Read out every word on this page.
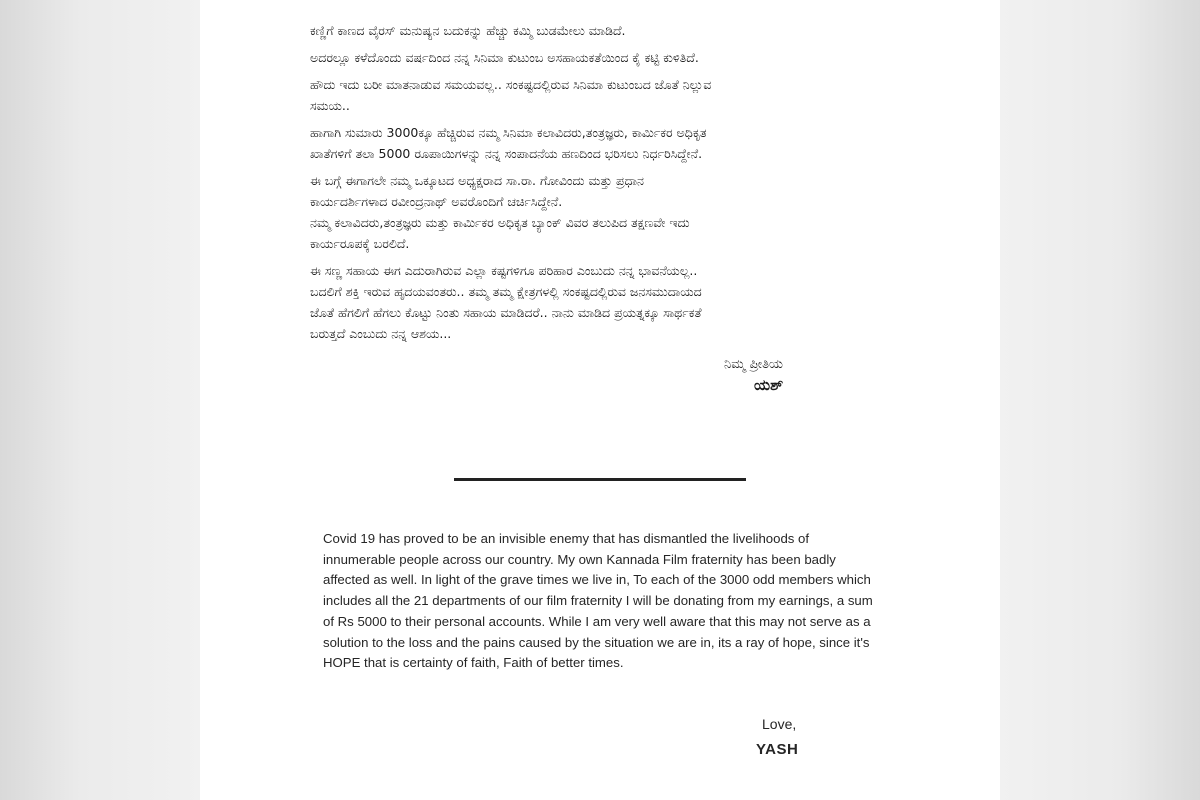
ಕಣ್ಣಿಗೆ ಕಾಣದ ವೈರಸ್ ಮನುಷ್ಯನ ಬದುಕನ್ನು ಹೆಚ್ಚು ಕಮ್ಮಿ ಬುಡಮೇಲು ಮಾಡಿದೆ.

ಅದರಲ್ಲೂ ಕಳೆದೊಂದು ವರ್ಷದಿಂದ ನನ್ನ ಸಿನಿಮಾ ಕುಟುಂಬ ಅಸಹಾಯಕತೆಯಿಂದ ಕೈ ಕಟ್ಟಿ ಕುಳಿತಿದೆ.

ಹೌದು ಇದು ಬರೀ ಮಾತನಾಡುವ ಸಮಯವಲ್ಲ.. ಸಂಕಷ್ಟದಲ್ಲಿರುವ ಸಿನಿಮಾ ಕುಟುಂಬದ ಜೊತೆ ನಿಲ್ಲುವ
ಸಮಯ..

ಹಾಗಾಗಿ ಸುಮಾರು 3000ಕ್ಕೂ ಹೆಚ್ಚಿರುವ ನಮ್ಮ ಸಿನಿಮಾ ಕಲಾವಿದರು,ತಂತ್ರಜ್ಞರು, ಕಾರ್ಮಿಕರ ಅಧಿಕೃತ
ಖಾತೆಗಳಿಗೆ ತಲಾ 5000 ರೂಪಾಯಿಗಳನ್ನು ನನ್ನ ಸಂಪಾದನೆಯ ಹಣದಿಂದ ಭರಿಸಲು ನಿರ್ಧರಿಸಿದ್ದೇನೆ.

ಈ ಬಗ್ಗೆ ಈಗಾಗಲೇ ನಮ್ಮ ಒಕ್ಕೂಟದ ಅಧ್ಯಕ್ಷರಾದ ಸಾ.ರಾ. ಗೋವಿಂದು ಮತ್ತು ಪ್ರಧಾನ
ಕಾರ್ಯದರ್ಶಿಗಳಾದ ರವೀಂದ್ರನಾಥ್ ಅವರೊಂದಿಗೆ ಚರ್ಚಿಸಿದ್ದೇನೆ.
ನಮ್ಮ ಕಲಾವಿದರು,ತಂತ್ರಜ್ಞರು ಮತ್ತು ಕಾರ್ಮಿಕರ ಅಧಿಕೃತ ಬ್ಯಾಂಕ್ ವಿವರ ತಲುಪಿದ ತಕ್ಷಣವೇ ಇದು
ಕಾರ್ಯರೂಪಕ್ಕೆ ಬರಲಿದೆ.

ಈ ಸಣ್ಣ ಸಹಾಯ ಈಗ ಎದುರಾಗಿರುವ ಎಲ್ಲಾ ಕಷ್ಟಗಳಿಗೂ ಪರಿಹಾರ ಎಂಬುದು ನನ್ನ ಭಾವನೆಯಲ್ಲ..
ಬದಲಿಗೆ ಶಕ್ತಿ ಇರುವ ಹೃದಯವಂತರು.. ತಮ್ಮ ತಮ್ಮ ಕ್ಷೇತ್ರಗಳಲ್ಲಿ ಸಂಕಷ್ಟದಲ್ಲಿರುವ ಜನಸಮುದಾಯದ
ಜೊತೆ ಹೆಗಲಿಗೆ ಹೆಗಲು ಕೊಟ್ಟು ನಿಂತು ಸಹಾಯ ಮಾಡಿದರೆ.. ನಾನು ಮಾಡಿದ ಪ್ರಯತ್ನಕ್ಕೂ ಸಾರ್ಥಕತೆ
ಬರುತ್ತದೆ ಎಂಬುದು ನನ್ನ ಆಶಯ...

ನಿಮ್ಮ ಪ್ರೀತಿಯ
ಯಶ್

Covid 19 has proved to be an invisible enemy that has dismantled the livelihoods of innumerable people across our country. My own Kannada Film fraternity has been badly affected as well. In light of the grave times we live in, To each of the 3000 odd members which includes all the 21 departments of our film fraternity I will be donating from my earnings, a sum of Rs 5000 to their personal accounts. While I am very well aware that this may not serve as a solution to the loss and the pains caused by the situation we are in, its a ray of hope, since it's HOPE that is certainty of faith, Faith of better times.

Love,
YASH
